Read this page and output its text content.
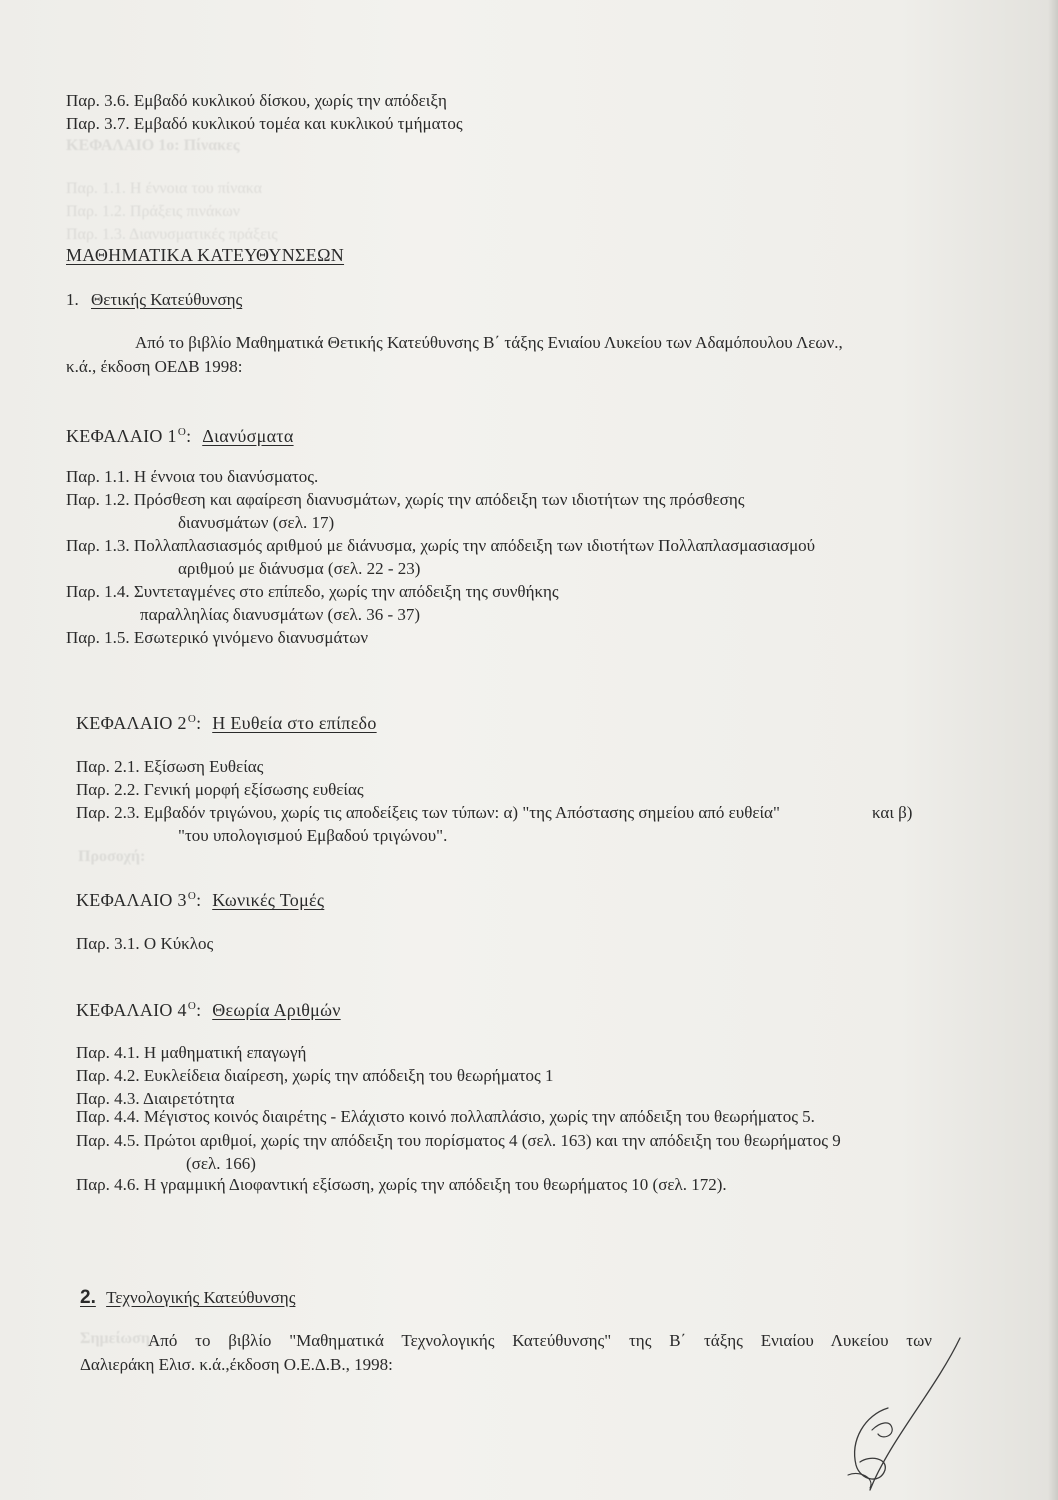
ΚΕΦΑΛΑΙΟ 1ο: Πίνακες
Παρ. 1.1. Η έννοια του πίνακα
Παρ. 1.2. Πράξεις πινάκων
Παρ. 1.3. Διανυσματικές πράξεις
Προσοχή:
Σημείωση
Παρ. 3.6. Εμβαδό κυκλικού δίσκου, χωρίς την απόδειξη
Παρ. 3.7. Εμβαδό κυκλικού τομέα και κυκλικού τμήματος
ΜΑΘΗΜΑΤΙΚΑ ΚΑΤΕΥΘΥΝΣΕΩΝ
1. Θετικής Κατεύθυνσης
Από το βιβλίο Μαθηματικά Θετικής Κατεύθυνσης Β΄ τάξης Ενιαίου Λυκείου των Αδαμόπουλου Λεων.,
κ.ά., έκδοση ΟΕΔΒ 1998:
ΚΕΦΑΛΑΙΟ $1^O$: Διανύσματα
Παρ. 1.1. Η έννοια του διανύσματος.
Παρ. 1.2. Πρόσθεση και αφαίρεση διανυσμάτων, χωρίς την απόδειξη των ιδιοτήτων της πρόσθεσης
διανυσμάτων (σελ. 17)
Παρ. 1.3. Πολλαπλασιασμός αριθμού με διάνυσμα, χωρίς την απόδειξη των ιδιοτήτων Πολλαπλασμασιασμού
αριθμού με διάνυσμα (σελ. 22 - 23)
Παρ. 1.4. Συντεταγμένες στο επίπεδο, χωρίς την απόδειξη της συνθήκης
παραλληλίας διανυσμάτων (σελ. 36 - 37)
Παρ. 1.5. Εσωτερικό γινόμενο διανυσμάτων
ΚΕΦΑΛΑΙΟ $2^O$: Η Ευθεία στο επίπεδο
Παρ. 2.1. Εξίσωση Ευθείας
Παρ. 2.2. Γενική μορφή εξίσωσης ευθείας
Παρ. 2.3. Εμβαδόν τριγώνου, χωρίς τις αποδείξεις των τύπων: α) "της Απόστασης σημείου από ευθεία"	και β)
"του υπολογισμού Εμβαδού τριγώνου".
ΚΕΦΑΛΑΙΟ $3^O$: Κωνικές Τομές
Παρ. 3.1. Ο Κύκλος
ΚΕΦΑΛΑΙΟ $4^O$: Θεωρία Αριθμών
Παρ. 4.1. Η μαθηματική επαγωγή
Παρ. 4.2. Ευκλείδεια διαίρεση, χωρίς την απόδειξη του θεωρήματος 1
Παρ. 4.3. Διαιρετότητα
Παρ. 4.4. Μέγιστος κοινός διαιρέτης - Ελάχιστο κοινό πολλαπλάσιο, χωρίς την απόδειξη του θεωρήματος 5.
Παρ. 4.5. Πρώτοι αριθμοί, χωρίς την απόδειξη του πορίσματος 4 (σελ. 163) και την απόδειξη του θεωρήματος 9
(σελ. 166)
Παρ. 4.6. Η γραμμική Διοφαντική εξίσωση, χωρίς την απόδειξη του θεωρήματος 10 (σελ. 172).
2. Τεχνολογικής Κατεύθυνσης
Από το βιβλίο "Μαθηματικά Τεχνολογικής Κατεύθυνσης" της Β΄ τάξης Ενιαίου Λυκείου των
Δαλιεράκη Ελισ. κ.ά.,έκδοση Ο.Ε.Δ.Β., 1998:
